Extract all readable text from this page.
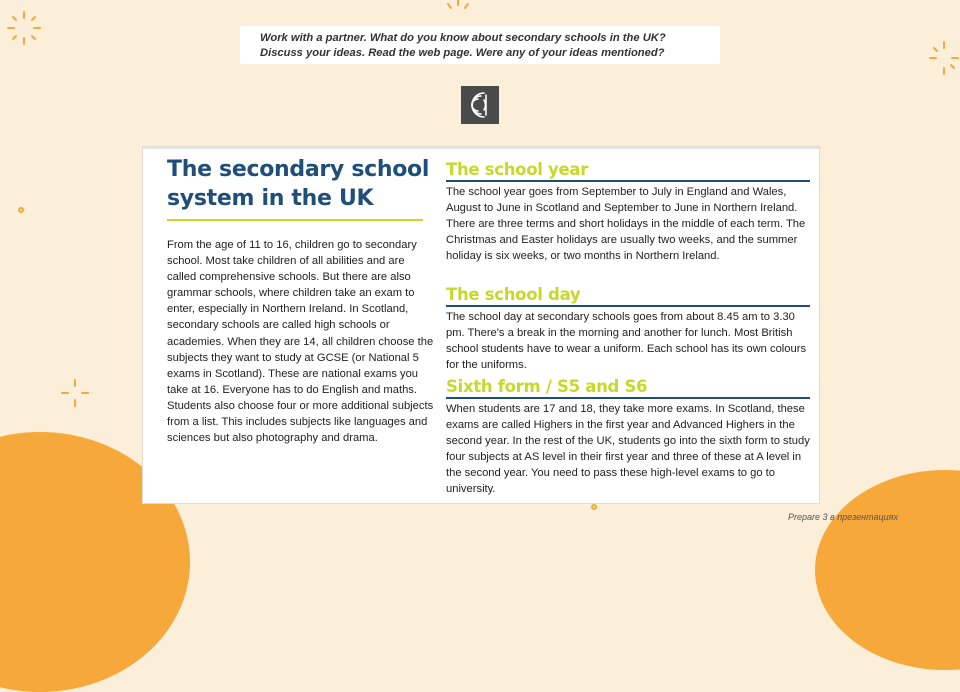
Work with a partner. What do you know about secondary schools in the UK?
Discuss your ideas. Read the web page. Were any of your ideas mentioned?
The secondary school system in the UK
From the age of 11 to 16, children go to secondary school. Most take children of all abilities and are called comprehensive schools. But there are also grammar schools, where children take an exam to enter, especially in Northern Ireland. In Scotland, secondary schools are called high schools or academies. When they are 14, all children choose the subjects they want to study at GCSE (or National 5 exams in Scotland). These are national exams you take at 16. Everyone has to do English and maths. Students also choose four or more additional subjects from a list. This includes subjects like languages and sciences but also photography and drama.
The school year
The school year goes from September to July in England and Wales, August to June in Scotland and September to June in Northern Ireland. There are three terms and short holidays in the middle of each term. The Christmas and Easter holidays are usually two weeks, and the summer holiday is six weeks, or two months in Northern Ireland.
The school day
The school day at secondary schools goes from about 8.45 am to 3.30 pm. There's a break in the morning and another for lunch. Most British school students have to wear a uniform. Each school has its own colours for the uniforms.
Sixth form / S5 and S6
When students are 17 and 18, they take more exams. In Scotland, these exams are called Highers in the first year and Advanced Highers in the second year. In the rest of the UK, students go into the sixth form to study four subjects at AS level in their first year and three of these at A level in the second year. You need to pass these high-level exams to go to university.
Prepare 3 в презентациях
